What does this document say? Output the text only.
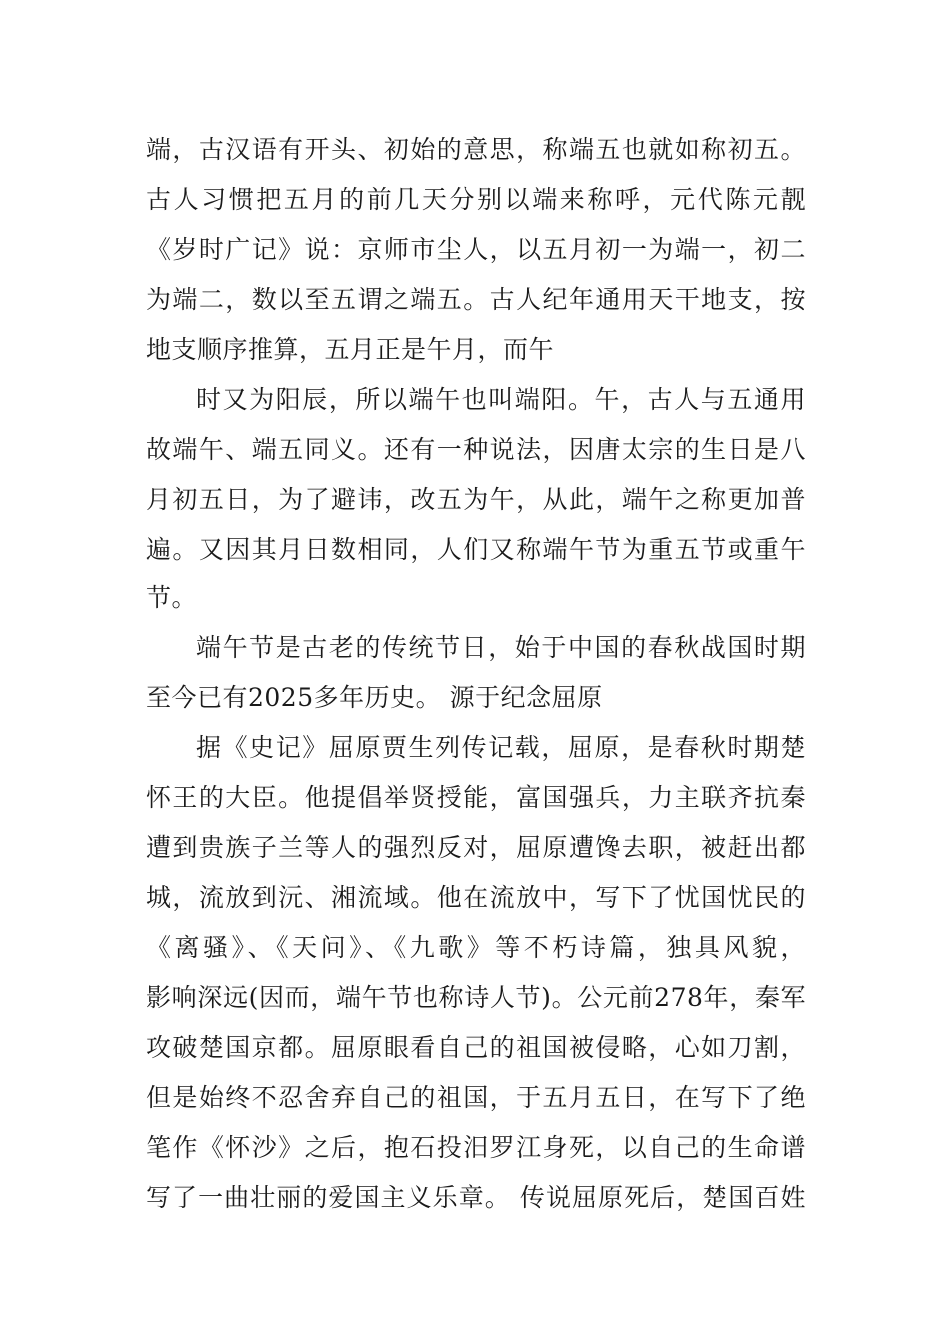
端，古汉语有开头、初始的意思，称端五也就如称初五。
古人习惯把五月的前几天分别以端来称呼，元代陈元靓
《岁时广记》说：京师市尘人，以五月初一为端一，初二
为端二，数以至五谓之端五。古人纪年通用天干地支，按
地支顺序推算，五月正是午月，而午
时又为阳辰，所以端午也叫端阳。午，古人与五通用
故端午、端五同义。还有一种说法，因唐太宗的生日是八
月初五日，为了避讳，改五为午，从此，端午之称更加普
遍。又因其月日数相同，人们又称端午节为重五节或重午
节。
端午节是古老的传统节日，始于中国的春秋战国时期
至今已有2025多年历史。 源于纪念屈原
据《史记》屈原贾生列传记载，屈原，是春秋时期楚
怀王的大臣。他提倡举贤授能，富国强兵，力主联齐抗秦
遭到贵族子兰等人的强烈反对，屈原遭馋去职，被赶出都
城，流放到沅、湘流域。他在流放中，写下了忧国忧民的
《离骚》、《天问》、《九歌》等不朽诗篇，独具风貌，
影响深远(因而，端午节也称诗人节)。公元前278年，秦军
攻破楚国京都。屈原眼看自己的祖国被侵略，心如刀割，
但是始终不忍舍弃自己的祖国，于五月五日，在写下了绝
笔作《怀沙》之后，抱石投汨罗江身死，以自己的生命谱
写了一曲壮丽的爱国主义乐章。 传说屈原死后，楚国百姓
